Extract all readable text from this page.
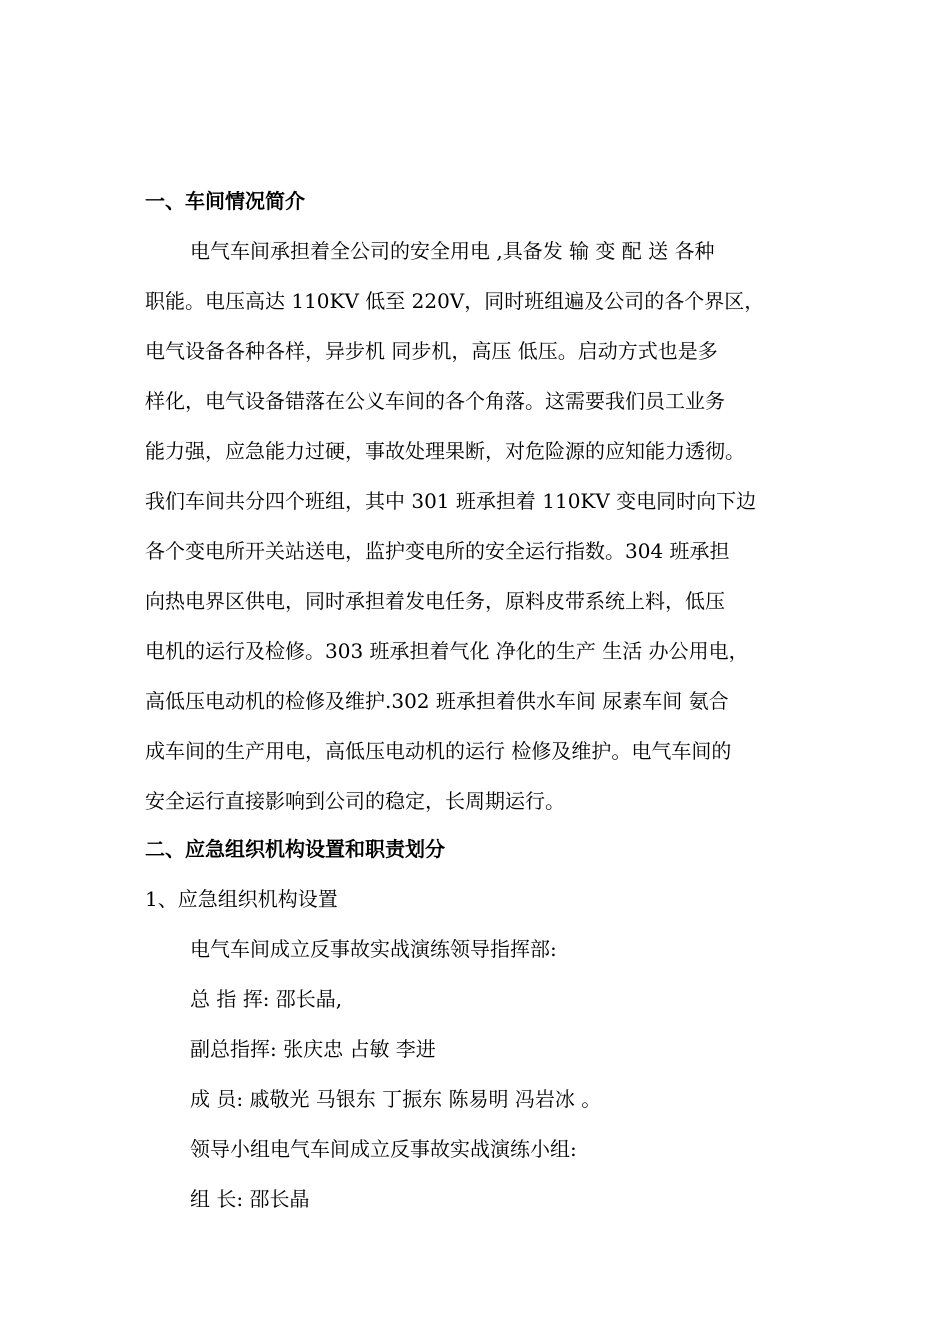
一、车间情况简介
电气车间承担着全公司的安全用电 ,具备发 输 变 配 送 各种
职能。电压高达 110KV 低至 220V，同时班组遍及公司的各个界区，
电气设备各种各样，异步机 同步机，高压 低压。启动方式也是多
样化，电气设备错落在公义车间的各个角落。这需要我们员工业务
能力强，应急能力过硬，事故处理果断，对危险源的应知能力透彻。
我们车间共分四个班组，其中 301 班承担着 110KV 变电同时向下边
各个变电所开关站送电，监护变电所的安全运行指数。304 班承担
向热电界区供电，同时承担着发电任务，原料皮带系统上料，低压
电机的运行及检修。303 班承担着气化 净化的生产 生活 办公用电，
高低压电动机的检修及维护.302 班承担着供水车间 尿素车间 氨合
成车间的生产用电，高低压电动机的运行 检修及维护。电气车间的
安全运行直接影响到公司的稳定，长周期运行。
二、应急组织机构设置和职责划分
1、应急组织机构设置
电气车间成立反事故实战演练领导指挥部:
总 指 挥: 邵长晶,
副总指挥: 张庆忠 占敏 李进
成 员: 戚敬光 马银东 丁振东 陈易明 冯岩冰 。
领导小组电气车间成立反事故实战演练小组:
组 长: 邵长晶
